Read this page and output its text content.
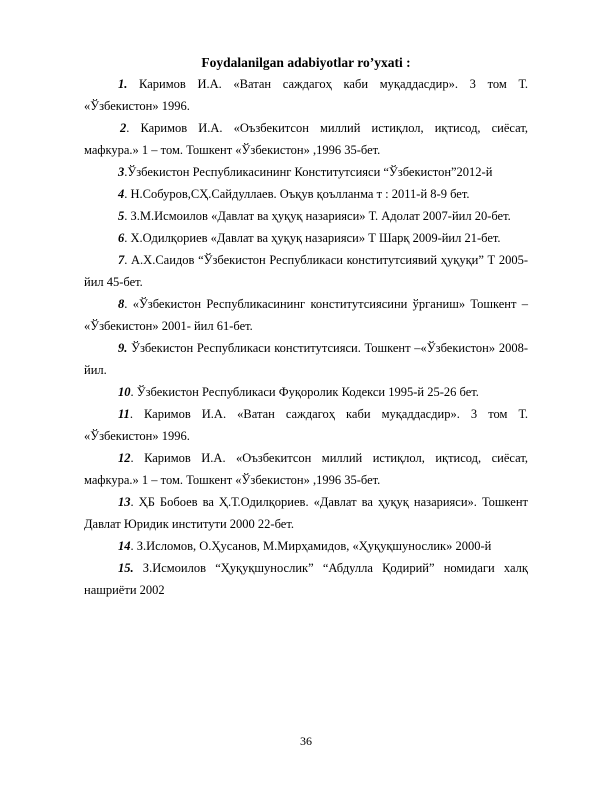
Foydalanilgan adabiyotlar ro’yxati :

1. Каримов И.А. «Ватан саждагоҳ каби муқаддасдир». 3 том Т. «Ўзбекистон» 1996.

2. Каримов И.А. «Оъзбекитсон миллий истиқлол, иқтисод, сиёсат, мафкура.» 1 – том. Тошкент «Ўзбекистон» ,1996 35-бет.

3.Ўзбекистон Республикасининг Конститутсияси “Ўзбекистон”2012-й

4. Н.Собуров,СҲ.Сайдуллаев. Оъқув қоълланма т : 2011-й 8-9 бет.

5. З.М.Исмоилов «Давлат ва ҳуқуқ назарияси» Т. Адолат 2007-йил 20-бет.

6. Х.Одилқориев «Давлат ва ҳуқуқ назарияси» Т Шарқ 2009-йил 21-бет.

7. А.Х.Саидов “Ўзбекистон Республикаси конститутсиявий ҳуқуқи” Т 2005-йил 45-бет.

8. «Ўзбекистон Республикасининг конститутсиясини ўрганиш» Тошкент – «Ўзбекистон» 2001- йил 61-бет.

9. Ўзбекистон Республикаси конститутсияси. Тошкент –«Ўзбекистон» 2008- йил.

10. Ўзбекистон Республикаси Фуқоролик Кодекси 1995-й 25-26 бет.

11. Каримов И.А. «Ватан саждагоҳ каби муқаддасдир». 3 том Т. «Ўзбекистон» 1996.

12. Каримов И.А. «Оъзбекитсон миллий истиқлол, иқтисод, сиёсат, мафкура.» 1 – том. Тошкент «Ўзбекистон» ,1996 35-бет.

13. ҲБ Бобоев ва Ҳ.Т.Одилқориев. «Давлат ва ҳуқуқ назарияси». Тошкент Давлат Юридик институти 2000 22-бет.

14. З.Исломов, О.Ҳусанов, М.Мирҳамидов, «Ҳуқуқшунослик» 2000-й

15. З.Исмоилов “Ҳуқуқшунослик” “Абдулла Қодирий” номидаги халқ нашриёти 2002

36
